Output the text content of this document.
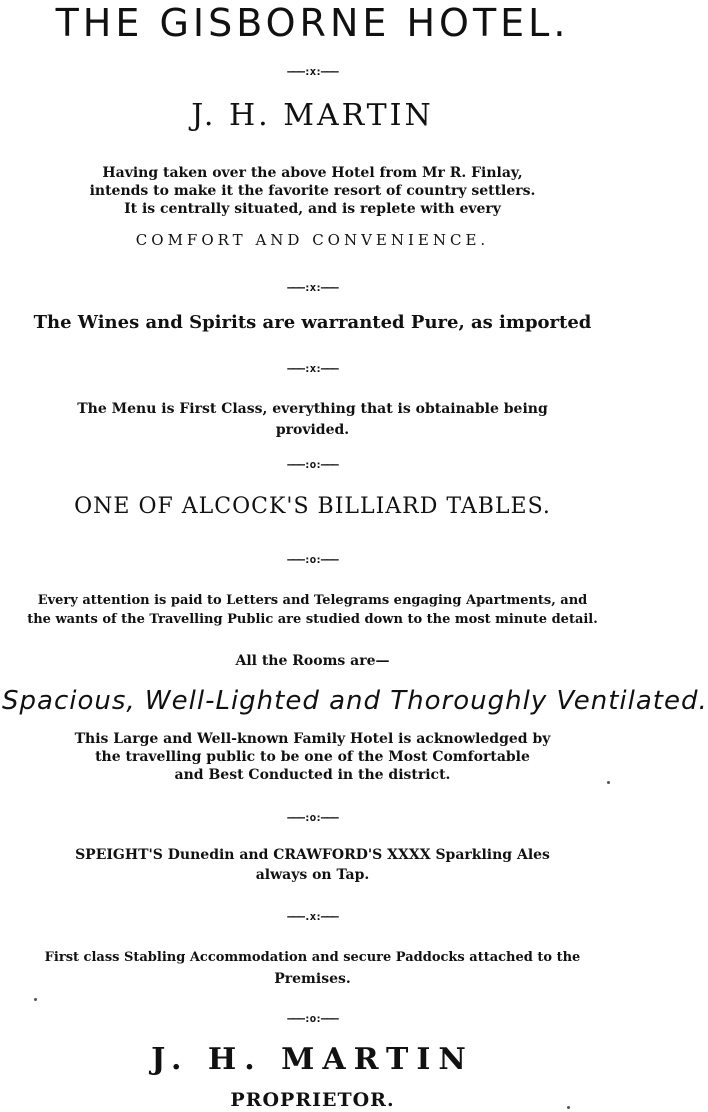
THE GISBORNE HOTEL.
———:x:———
J. H. MARTIN
Having taken over the above Hotel from Mr R. Finlay,
intends to make it the favorite resort of country settlers.
It is centrally situated, and is replete with every
COMFORT AND CONVENIENCE.
———:x:———
The Wines and Spirits are warranted Pure, as imported
———:x:———
The Menu is First Class, everything that is obtainable being
provided.
———:o:———
ONE OF ALCOCK'S BILLIARD TABLES.
———:o:———
Every attention is paid to Letters and Telegrams engaging Apartments, and
the wants of the Travelling Public are studied down to the most minute detail.
All the Rooms are—
Spacious, Well-Lighted and Thoroughly Ventilated.
This Large and Well-known Family Hotel is acknowledged by
the travelling public to be one of the Most Comfortable
and Best Conducted in the district.
———:o:———
SPEIGHT'S Dunedin and CRAWFORD'S XXXX Sparkling Ales
always on Tap.
———.x:———
First class Stabling Accommodation and secure Paddocks attached to the
Premises.
———:o:———
J. H. MARTIN
PROPRIETOR.
